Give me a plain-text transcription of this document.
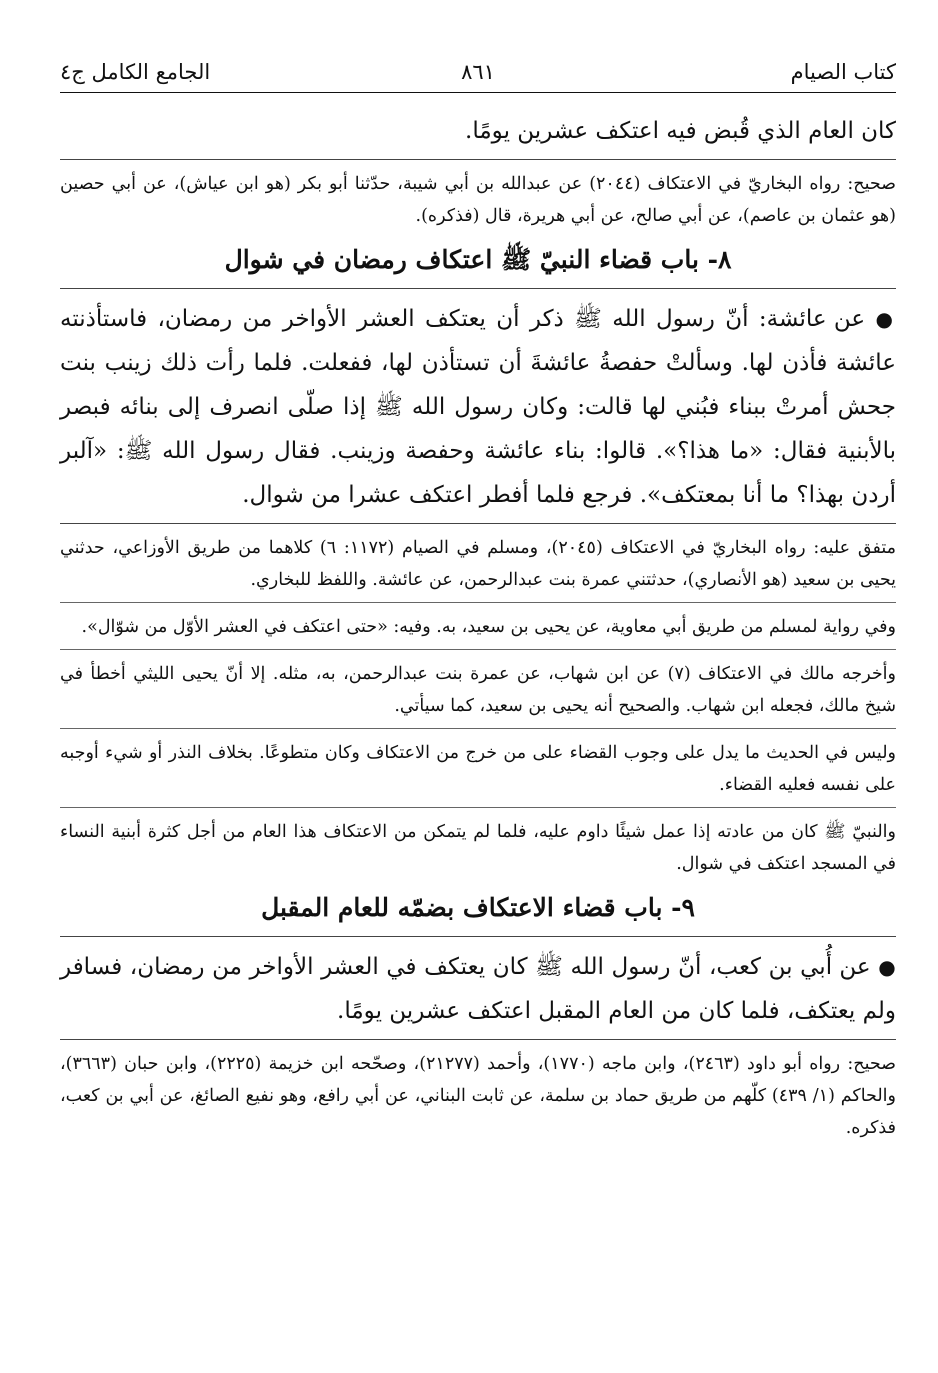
كتاب الصيام
٨٦١
الجامع الكامل ج٤

كان العام الذي قُبض فيه اعتكف عشرين يومًا.

صحيح: رواه البخاريّ في الاعتكاف (٢٠٤٤) عن عبدالله بن أبي شيبة، حدّثنا أبو بكر (هو ابن عياش)، عن أبي حصين (هو عثمان بن عاصم)، عن أبي صالح، عن أبي هريرة، قال (فذكره).

٨- باب قضاء النبيّ ﷺ اعتكاف رمضان في شوال

● عن عائشة: أنّ رسول الله ﷺ ذكر أن يعتكف العشر الأواخر من رمضان، فاستأذنته عائشة فأذن لها. وسألتْ حفصةُ عائشةَ أن تستأذن لها، ففعلت. فلما رأت ذلك زينب بنت جحش أمرتْ ببناء فبُني لها قالت: وكان رسول الله ﷺ إذا صلّى انصرف إلى بنائه فبصر بالأبنية فقال: «ما هذا؟». قالوا: بناء عائشة وحفصة وزينب. فقال رسول الله ﷺ: «آلبر أردن بهذا؟ ما أنا بمعتكف». فرجع فلما أفطر اعتكف عشرا من شوال.

متفق عليه: رواه البخاريّ في الاعتكاف (٢٠٤٥)، ومسلم في الصيام (١١٧٢: ٦) كلاهما من طريق الأوزاعي، حدثني يحيى بن سعيد (هو الأنصاري)، حدثتني عمرة بنت عبدالرحمن، عن عائشة. واللفظ للبخاري.

وفي رواية لمسلم من طريق أبي معاوية، عن يحيى بن سعيد، به. وفيه: «حتى اعتكف في العشر الأوّل من شوّال».

وأخرجه مالك في الاعتكاف (٧) عن ابن شهاب، عن عمرة بنت عبدالرحمن، به، مثله. إلا أنّ يحيى الليثي أخطأ في شيخ مالك، فجعله ابن شهاب. والصحيح أنه يحيى بن سعيد، كما سيأتي.

وليس في الحديث ما يدل على وجوب القضاء على من خرج من الاعتكاف وكان متطوعًا. بخلاف النذر أو شيء أوجبه على نفسه فعليه القضاء.

والنبيّ ﷺ كان من عادته إذا عمل شيئًا داوم عليه، فلما لم يتمكن من الاعتكاف هذا العام من أجل كثرة أبنية النساء في المسجد اعتكف في شوال.

٩- باب قضاء الاعتكاف بضمّه للعام المقبل

● عن أُبي بن كعب، أنّ رسول الله ﷺ كان يعتكف في العشر الأواخر من رمضان، فسافر ولم يعتكف، فلما كان من العام المقبل اعتكف عشرين يومًا.

صحيح: رواه أبو داود (٢٤٦٣)، وابن ماجه (١٧٧٠)، وأحمد (٢١٢٧٧)، وصحّحه ابن خزيمة (٢٢٢٥)، وابن حبان (٣٦٦٣)، والحاكم (١/ ٤٣٩) كلّهم من طريق حماد بن سلمة، عن ثابت البناني، عن أبي رافع، وهو نفيع الصائغ، عن أبي بن كعب، فذكره.
